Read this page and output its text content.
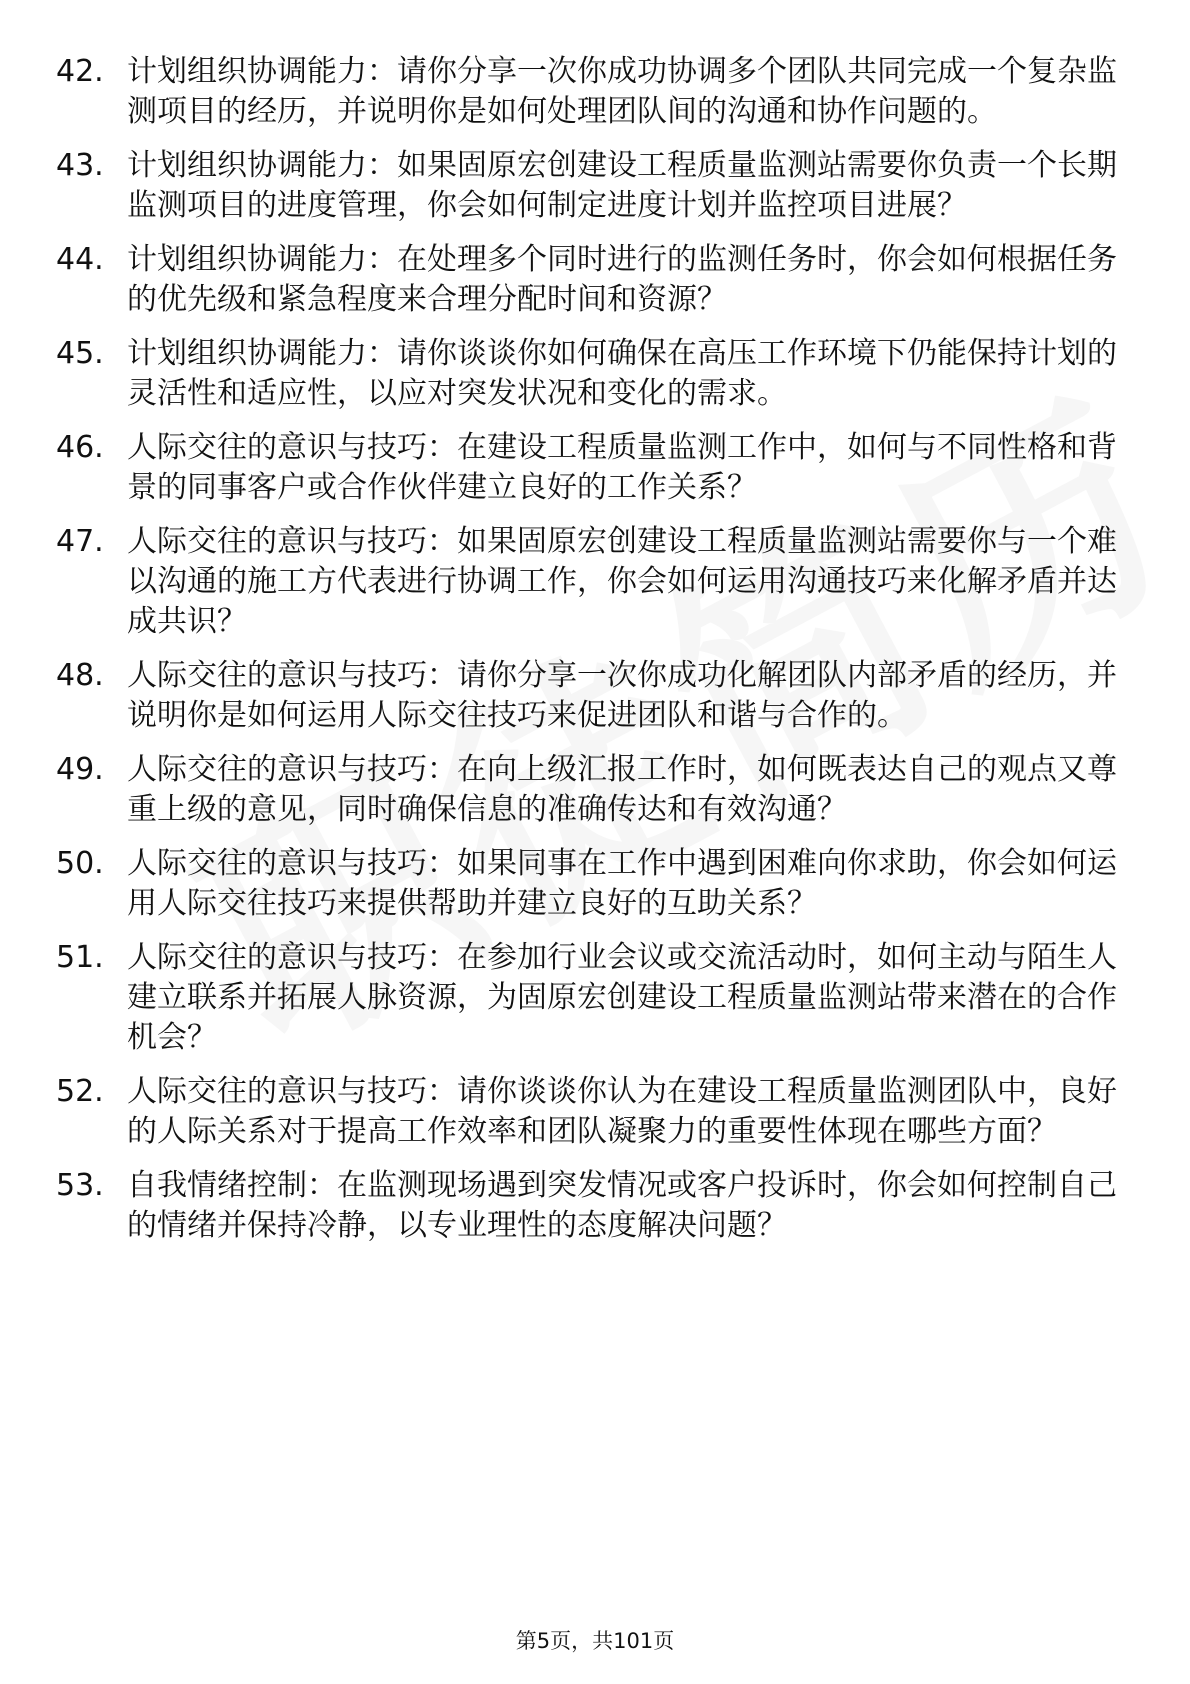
42. 计划组织协调能力：请你分享一次你成功协调多个团队共同完成一个复杂监测项目的经历，并说明你是如何处理团队间的沟通和协作问题的。
43. 计划组织协调能力：如果固原宏创建设工程质量监测站需要你负责一个长期监测项目的进度管理，你会如何制定进度计划并监控项目进展？
44. 计划组织协调能力：在处理多个同时进行的监测任务时，你会如何根据任务的优先级和紧急程度来合理分配时间和资源？
45. 计划组织协调能力：请你谈谈你如何确保在高压工作环境下仍能保持计划的灵活性和适应性，以应对突发状况和变化的需求。
46. 人际交往的意识与技巧：在建设工程质量监测工作中，如何与不同性格和背景的同事客户或合作伙伴建立良好的工作关系？
47. 人际交往的意识与技巧：如果固原宏创建设工程质量监测站需要你与一个难以沟通的施工方代表进行协调工作，你会如何运用沟通技巧来化解矛盾并达成共识？
48. 人际交往的意识与技巧：请你分享一次你成功化解团队内部矛盾的经历，并说明你是如何运用人际交往技巧来促进团队和谐与合作的。
49. 人际交往的意识与技巧：在向上级汇报工作时，如何既表达自己的观点又尊重上级的意见，同时确保信息的准确传达和有效沟通？
50. 人际交往的意识与技巧：如果同事在工作中遇到困难向你求助，你会如何运用人际交往技巧来提供帮助并建立良好的互助关系？
51. 人际交往的意识与技巧：在参加行业会议或交流活动时，如何主动与陌生人建立联系并拓展人脉资源，为固原宏创建设工程质量监测站带来潜在的合作机会？
52. 人际交往的意识与技巧：请你谈谈你认为在建设工程质量监测团队中，良好的人际关系对于提高工作效率和团队凝聚力的重要性体现在哪些方面？
53. 自我情绪控制：在监测现场遇到突发情况或客户投诉时，你会如何控制自己的情绪并保持冷静，以专业理性的态度解决问题？
第5页，共101页
